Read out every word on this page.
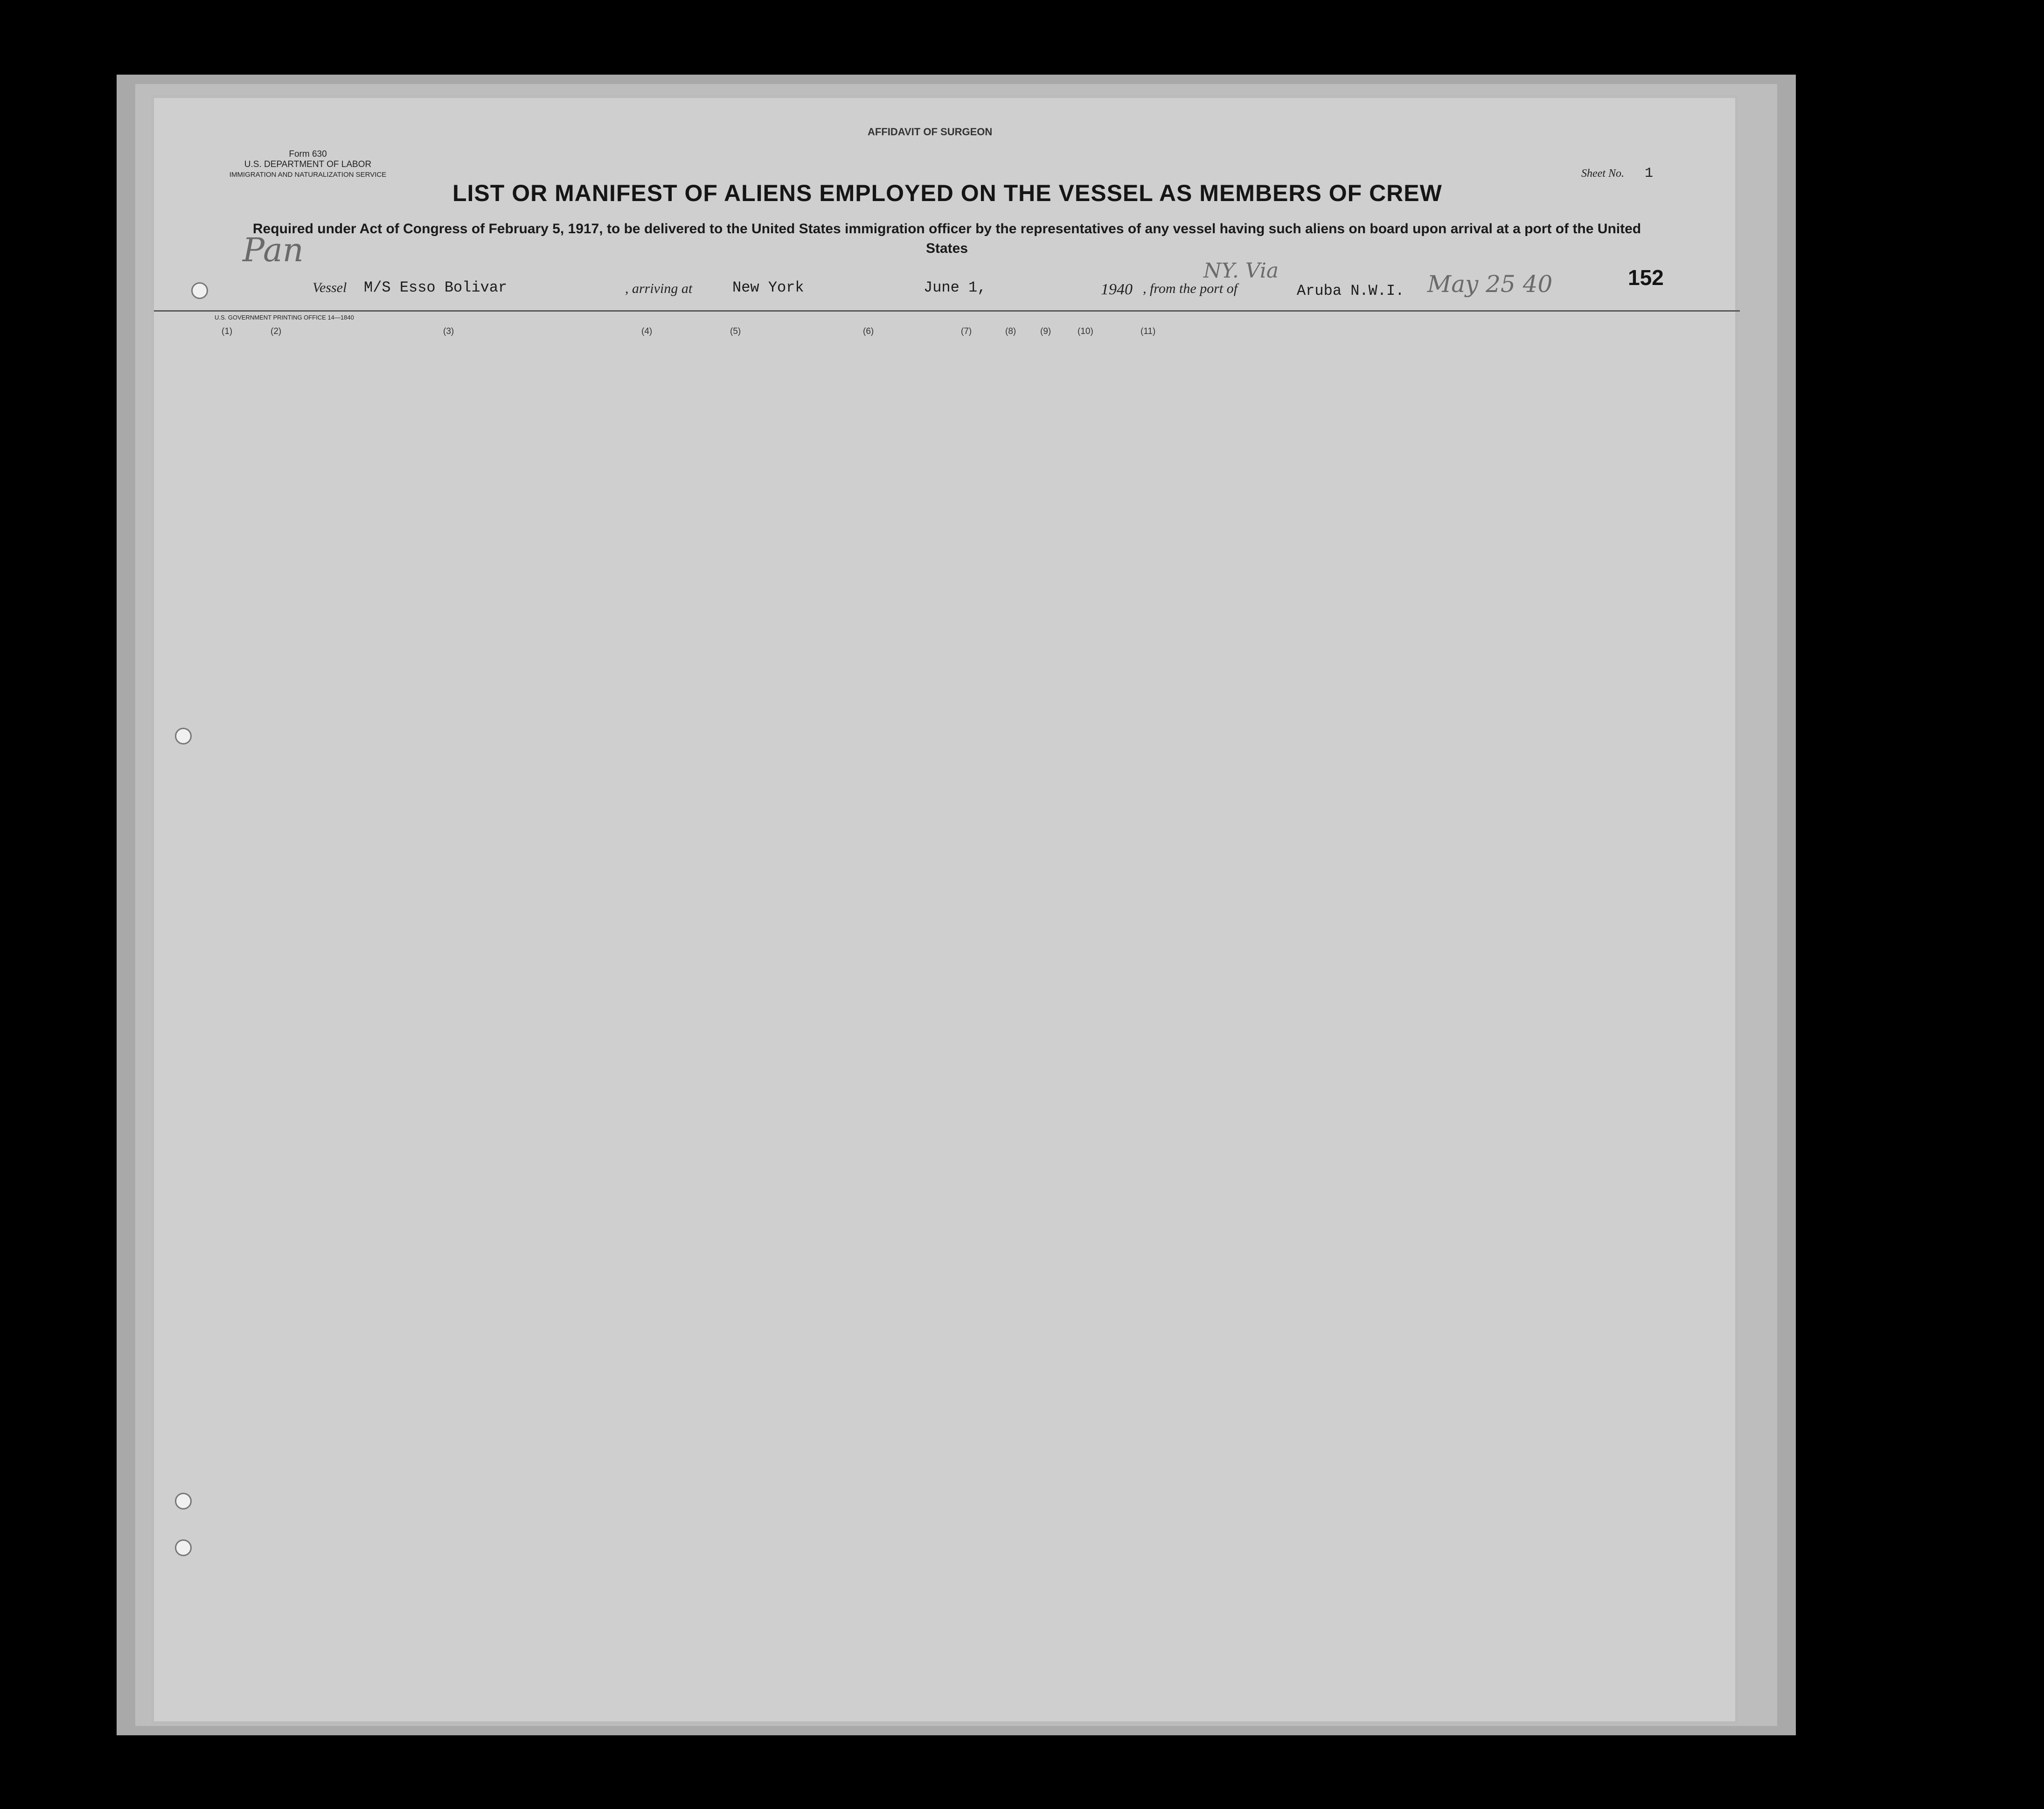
Form 630
U.S. DEPARTMENT OF LABOR
IMMIGRATION AND NATURALIZATION SERVICE
AFFIDAVIT OF SURGEON
Sheet No. 1
LIST OR MANIFEST OF ALIENS EMPLOYED ON THE VESSEL AS MEMBERS OF CREW
Required under Act of Congress of February 5, 1917, to be delivered to the United States immigration officer by the representatives of any vessel having such aliens on board upon arrival at a port of the United States
Pan
Vessel M/S Esso Bolivar	, arriving at	New York	June 1,	1940 , from the port of	Aruba N.W.I.
NY. Via	May 25 40	152
U.S. GOVERNMENT PRINTING OFFICE 14—1840
(1)	(2)	(3)	(4)	(5)	(6)	(7)	(8)	(9)	(10)	(11)
